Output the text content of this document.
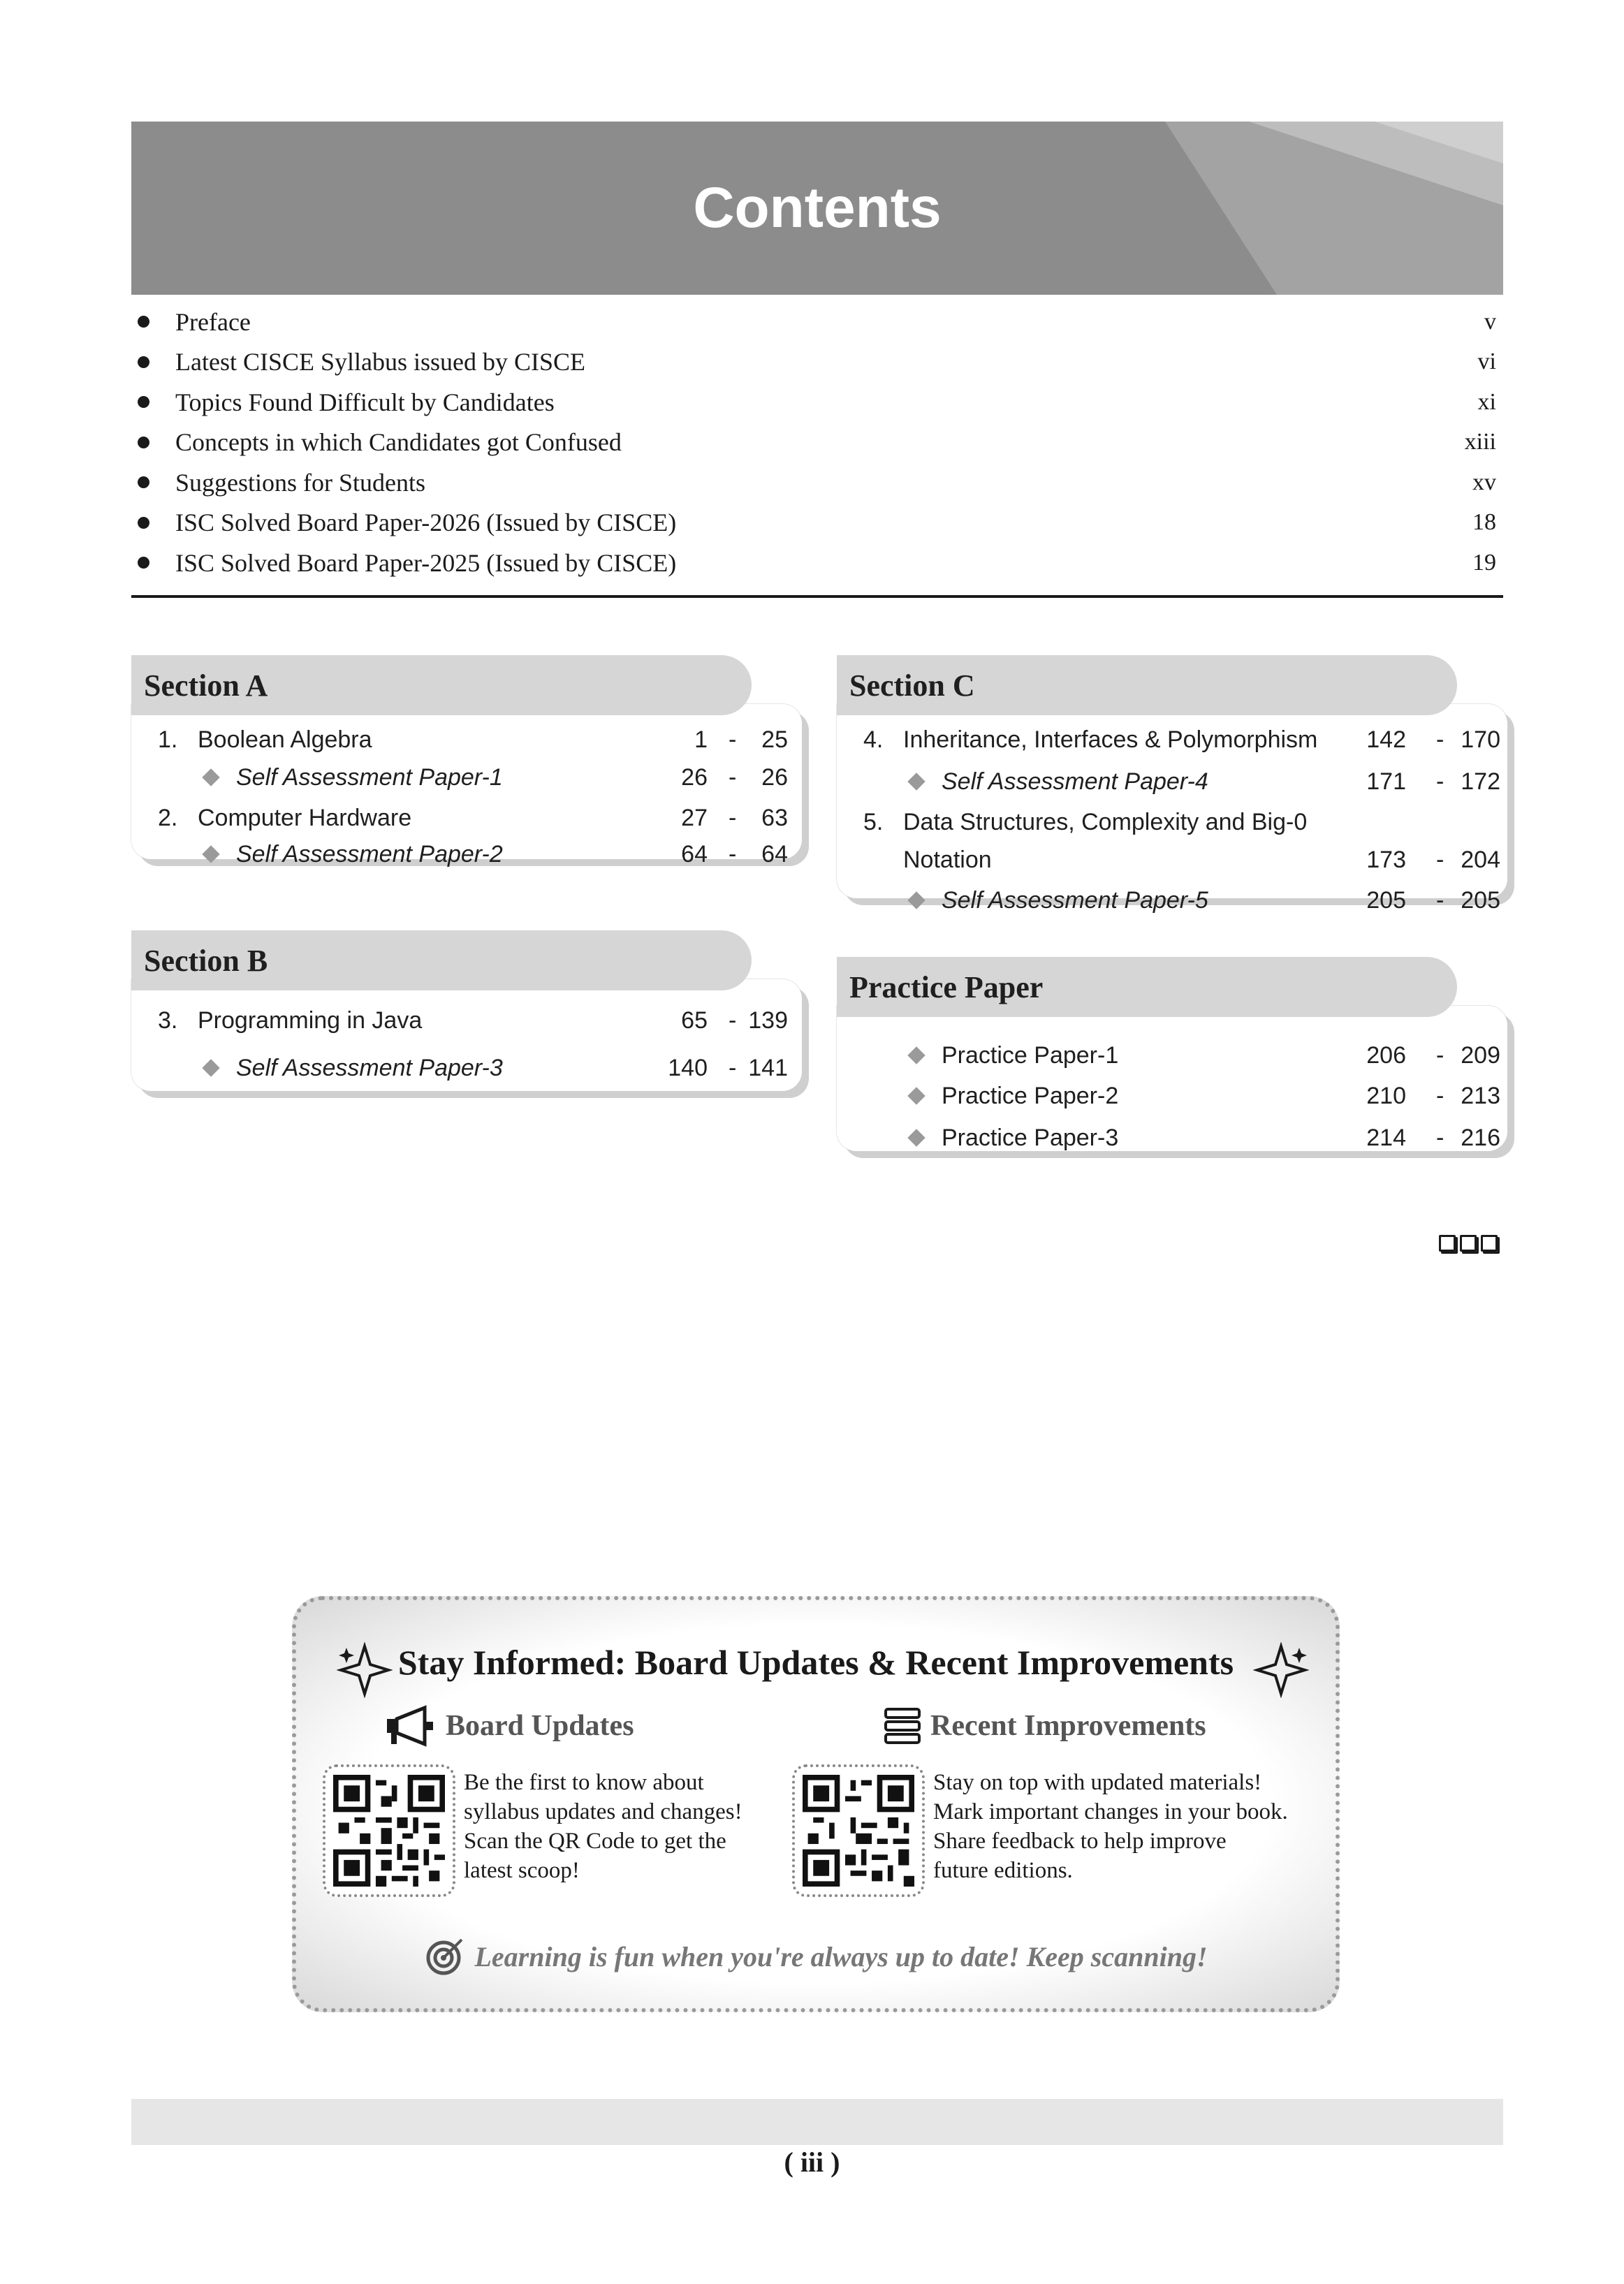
Contents
Preface	v
Latest CISCE Syllabus issued by CISCE	vi
Topics Found Difficult by Candidates	xi
Concepts in which Candidates got Confused	xiii
Suggestions for Students	xv
ISC Solved Board Paper-2026 (Issued by CISCE)	18
ISC Solved Board Paper-2025 (Issued by CISCE)	19
1. Boolean Algebra	1 -	25
Self Assessment Paper-1	26 -	26
2. Computer Hardware	27 -	63
Self Assessment Paper-2	64 -	64
Section A
3. Programming in Java	65 - 139
Self Assessment Paper-3	140 - 141
Section B
4. Inheritance, Interfaces & Polymorphism	142 - 170
Self Assessment Paper-4	171 - 172
5. Data Structures, Complexity and Big-0
Notation	173 - 204
Self Assessment Paper-5	205 - 205
Section C
Practice Paper-1	206 - 209
Practice Paper-2	210 - 213
Practice Paper-3	214 - 216
Practice Paper
Stay Informed: Board Updates & Recent Improvements
Board Updates	Recent Improvements
Be the first to know about
syllabus updates and changes!
Scan the QR Code to get the
latest scoop!
Stay on top with updated materials!
Mark important changes in your book.
Share feedback to help improve
future editions.
Learning is fun when you're always up to date! Keep scanning!
( iii )
